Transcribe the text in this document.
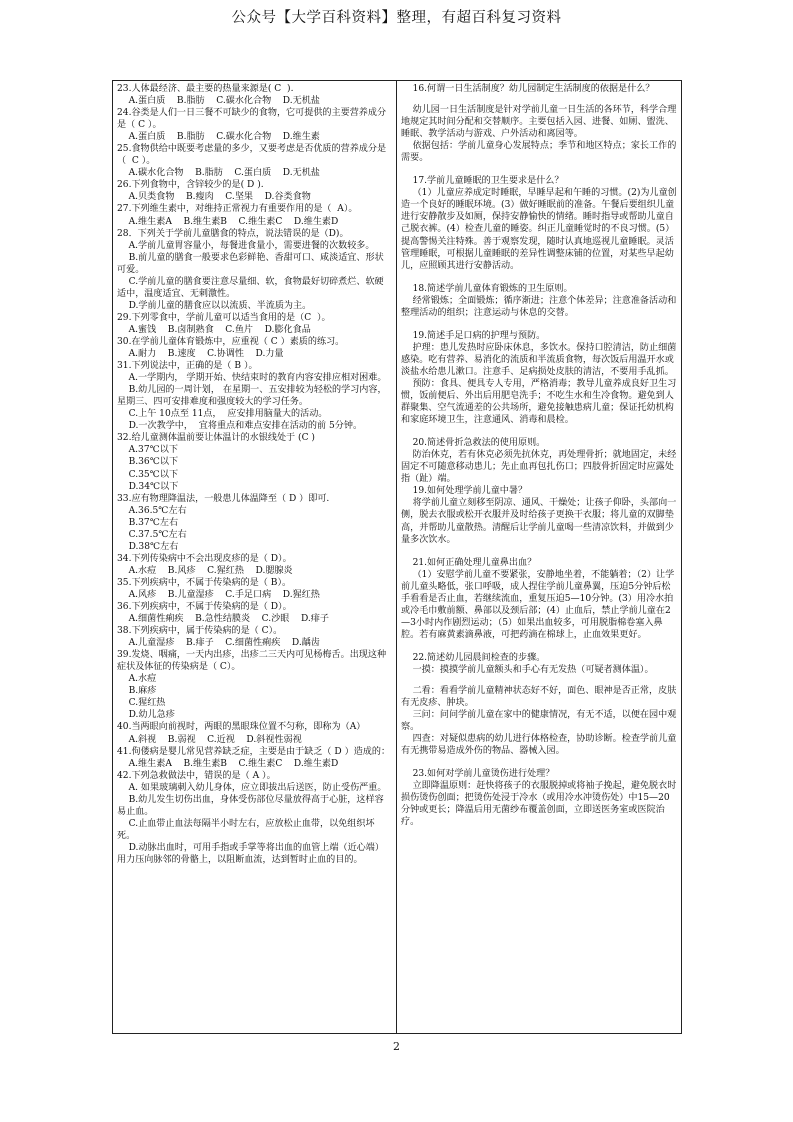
公众号【大学百科资料】整理，有超百科复习资料

23.人体最经济、最主要的热量来源是( C  ).

A.蛋白质    B.脂肪    C.碳水化合物    D.无机盐

24.谷类是人们一日三餐不可缺少的食物，它可提供的主要营养成分是（ C ）。

A.蛋白质    B.脂肪    C.碳水化合物    D.维生素

25.食物供给中既要考虑量的多少，又要考虑是否优质的营养成分是（  C ）。

A.碳水化合物    B.脂肪    C.蛋白质    D.无机盐

26.下列食物中，含锌较少的是( D ).

A.贝类食物    B.瘦肉    C.坚果    D.谷类食物

27.下列维生素中，对维持正常视力有重要作用的是（  A）。

A.维生素A    B.维生素B    C.维生素C    D.维生素D

28．下列关于学前儿童膳食的特点，说法错误的是（D)。

A.学前儿童胃容量小，每餐进食量小，需要进餐的次数较多。

B.前儿童的膳食一般要求色彩鲜艳、香甜可口、咸淡适宜、形状可爱。

C.学前儿童的膳食要注意尽量细、软，食物最好切碎煮烂、软硬适中，温度适宜、无刺激性。

D.学前儿童的膳食应以以流质、半流质为主。

29.下列零食中，学前儿童可以适当食用的是（C  ）。

A.蜜饯    B.卤制熟食    C.鱼片    D.膨化食品

30.在学前儿童体育锻炼中，应重视（ C ）素质的练习。

A.耐力    B.速度    C.协调性    D.力量

31.下列说法中，正确的是（ B ）。

A.一学期内， 学期开始、快结束时的教育内容安排应相对困难。

B.幼儿园的一周计划， 在星期一、五安排较为轻松的学习内容，星期三、四可安排难度和强度较大的学习任务。

C.上午 10点至 11点，  应安排用脑量大的活动。

D.一次教学中，  宜将重点和难点安排在活动的前 5分钟。

32.给儿童测体温前要让体温计的水银线处于 (C )

A.37℃以下

B.36℃以下

C.35℃以下

D.34℃以下

33.应有物理降温法，一般患儿体温降至（ D ）即可.

A.36.5℃左右

B.37℃左右

C.37.5℃左右

D.38℃左右

34.下列传染病中不会出现皮疹的是（ D）。

A.水痘    B.风疹    C.猩红热    D.腮腺炎

35.下列疾病中，不属于传染病的是（ B）。

A.风疹    B.儿童湿疹    C.手足口病    D.猩红热

36.下列疾病中，不属于传染病的是（ D）。

A.细菌性痢疾    B.急性结膜炎    C.沙眼    D.痱子

38.下列疾病中，属于传染病的是（ C）。

A.儿童湿疹    B.痱子    C.细菌性痢疾    D.龋齿

39.发烧、咽痛，一天内出疹，出疹二三天内可见杨梅舌。出现这种症状及体征的传染病是（ C）。

A.水痘

B.麻疹

C.猩红热

D.幼儿急疹

40.当两眼向前视时，两眼的黑眼珠位置不匀称，即称为（A）

A.斜视    B.弱视    C.近视    D.斜视性弱视

41.佝偻病是婴儿常见营养缺乏症，主要是由于缺乏（ D ）造成的：

A.维生素A    B.维生素B    C.维生素C    D.维生素D

42.下列急救做法中，错误的是（ A ）。

A. 如果玻璃刺入幼儿身体，应立即拔出后送医，防止受伤严重。

B.幼儿发生切伤出血，身体受伤部位尽量放得高于心脏，这样容易止血。

C.止血带止血法每隔半小时左右，应放松止血带，以免组织坏死。

D.动脉出血时，可用手指或手掌等将出血的血管上端（近心端）用力压向脉邻的骨骼上，以阻断血流，达到暂时止血的目的。

16.何谓一日生活制度？幼儿园制定生活制度的依据是什么？

幼儿园一日生活制度是针对学前儿童一日生活的各环节，科学合理地规定其时间分配和交替顺序。主要包括入园、进餐、如厕、盥洗、睡眠、教学活动与游戏、户外活动和离园等。

依据包括：学前儿童身心发展特点；季节和地区特点；家长工作的需要。

17.学前儿童睡眠的卫生要求是什么？

（1）儿童应养成定时睡眠，早睡早起和午睡的习惯。(2)为儿童创造一个良好的睡眠环境。(3）做好睡眠前的准备。午餐后要组织儿童进行安静散步及如厕，保持安静愉快的情绪。睡时指导或帮助儿童自己脱衣裤。(4）检查儿童的睡姿。纠正儿童睡觉时的不良习惯。(5）提高警惕关注特殊。善于观察发现，随时认真地巡视儿童睡眠。灵活管理睡眠，可根据儿童睡眠的差异性调整床铺的位置，对某些早起幼儿，应照顾其进行安静活动。

18.简述学前儿童体育锻炼的卫生原则。

经常锻炼；全面锻炼；循序渐进；注意个体差异；注意准备活动和整理活动的组织；注意运动与休息的交替。

19.简述手足口病的护理与预防。

护理：患儿发热时应卧床休息，多饮水。保持口腔清洁，防止细菌感染。吃有营养、易消化的流质和半流质食物，每次饭后用温开水或淡盐水给患儿漱口。注意手、足病损处皮肤的清洁，不要用手乱抓。

预防：食具、便具专人专用，严格消毒；教导儿童养成良好卫生习惯，饭前便后、外出后用肥皂洗手；不吃生水和生冷食物。避免到人群聚集、空气流通差的公共场所，避免接触患病儿童；保证托幼机构和家庭环境卫生，注意通风、消毒和晨检。

20.简述骨折急救法的使用原则。

防治休克，若有休克必须先抗休克，再处理骨折；就地固定，未经固定不可随意移动患儿；先止血再包扎伤口；四肢骨折固定时应露处指（趾）端。

19.如何处理学前儿童中暑？

将学前儿童立刻移至阴凉、通风、干燥处；让孩子仰卧，头部向一侧，脱去衣服或松开衣服并及时给孩子更换干衣服；将儿童的双脚垫高，并帮助儿童散热。清醒后让学前儿童喝一些清凉饮料，并做到少量多次饮水。

21.如何正确处理儿童鼻出血？

（1）安慰学前儿童不要紧张，安静地坐着，不能躺着；（2）让学前儿童头略低，张口呼吸，成人捏住学前儿童鼻翼，压迫5分钟后松手看看是否止血，若继续流血，重复压迫5—10分钟。(3）用冷水拍或冷毛巾敷前额、鼻部以及颈后部；(4）止血后，禁止学前儿童在2—3小时内作剧烈运动；（5）如果出血较多，可用脱脂棉卷塞入鼻腔。若有麻黄素滴鼻液，可把药滴在棉球上，止血效果更好。

22.简述幼儿园晨间检查的步骤。

一摸：摸摸学前儿童额头和手心有无发热（可疑者测体温）。

二看：看看学前儿童精神状态好不好，面色、眼神是否正常，皮肤有无皮疹、肿块。

三问：问问学前儿童在家中的健康情况，有无不适，以便在园中观察。

四查：对疑似患病的幼儿进行体格检查，协助诊断。检查学前儿童有无携带易造成外伤的物品、器械入园。

23.如何对学前儿童烫伤进行处理？

立即降温原则：赶快将孩子的衣服脱掉或将袖子挽起，避免脱衣时损伤烫伤创面；把烫伤处浸于冷水（或用冷水冲烫伤处）中15—20分钟或更长；降温后用无菌纱布覆盖创面，立即送医务室或医院治疗。

2
